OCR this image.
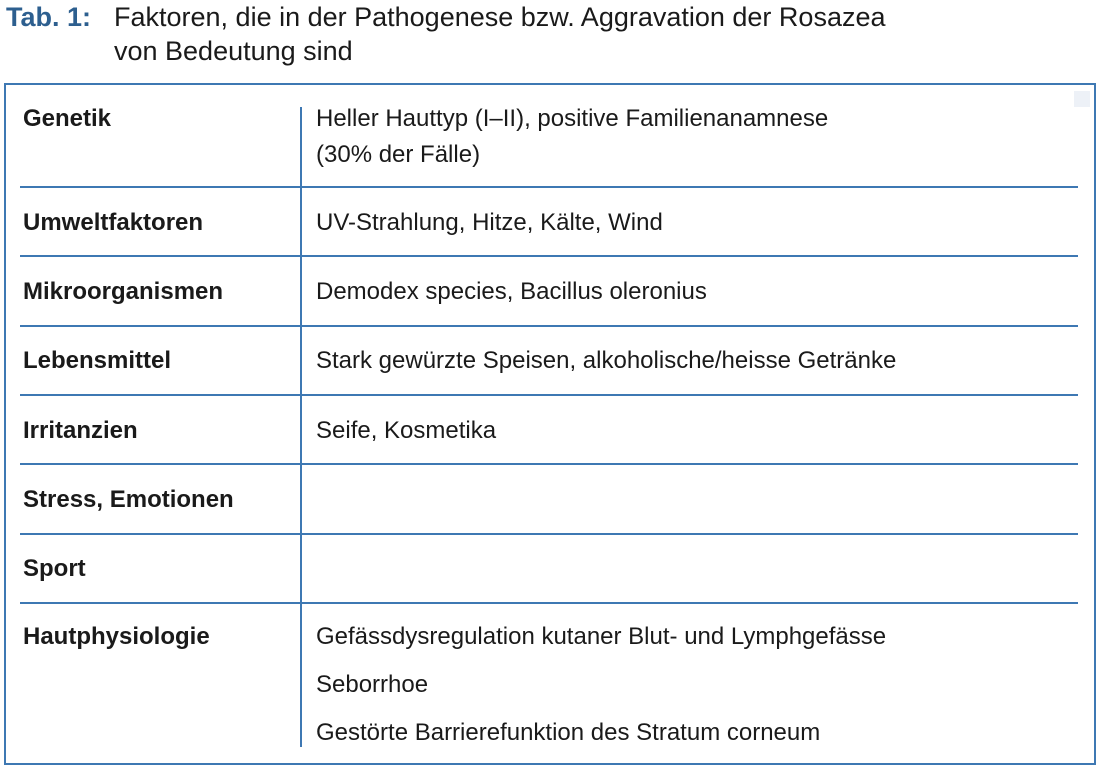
Tab. 1: Faktoren, die in der Pathogenese bzw. Aggravation der Rosazea
von Bedeutung sind
Genetik	Heller Hauttyp (I–II), positive Familienanamnese
(30% der Fälle)
Umweltfaktoren	UV-Strahlung, Hitze, Kälte, Wind
Mikroorganismen	Demodex species, Bacillus oleronius
Lebensmittel	Stark gewürzte Speisen, alkoholische/heisse Getränke
Irritanzien	Seife, Kosmetika
Stress, Emotionen
Sport
Hautphysiologie	Gefässdysregulation kutaner Blut- und Lymphgefässe
Seborrhoe
Gestörte Barrierefunktion des Stratum corneum
